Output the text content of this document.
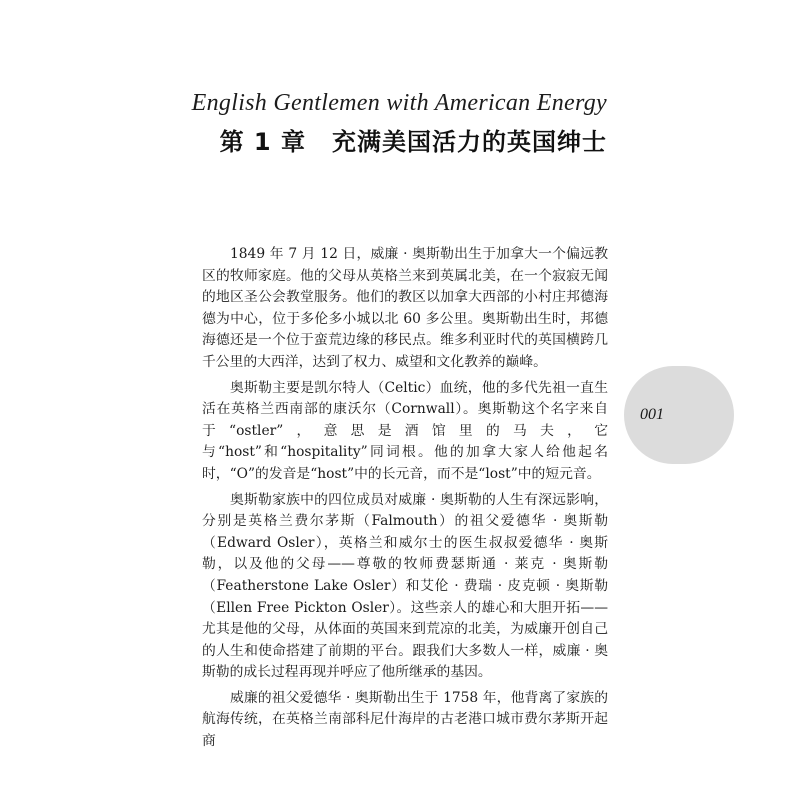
English Gentlemen with American Energy
第 1 章 充满美国活力的英国绅士

1849 年 7 月 12 日，威廉 · 奥斯勒出生于加拿大一个偏远教区的牧师家庭。他的父母从英格兰来到英属北美，在一个寂寂无闻的地区圣公会教堂服务。他们的教区以加拿大西部的小村庄邦德海德为中心，位于多伦多小城以北 60 多公里。奥斯勒出生时，邦德海德还是一个位于蛮荒边缘的移民点。维多利亚时代的英国横跨几千公里的大西洋，达到了权力、威望和文化教养的巅峰。

奥斯勒主要是凯尔特人（Celtic）血统，他的多代先祖一直生活在英格兰西南部的康沃尔（Cornwall）。奥斯勒这个名字来自于“ostler”，意思是酒馆里的马夫，它与“host”和“hospitality”同词根。他的加拿大家人给他起名时，“O”的发音是“host”中的长元音，而不是“lost”中的短元音。

奥斯勒家族中的四位成员对威廉 · 奥斯勒的人生有深远影响，分别是英格兰费尔茅斯（Falmouth）的祖父爱德华 · 奥斯勒（Edward Osler），英格兰和威尔士的医生叔叔爱德华 · 奥斯勒，以及他的父母——尊敬的牧师费瑟斯通 · 莱克 · 奥斯勒（Featherstone Lake Osler）和艾伦 · 费瑞 · 皮克顿 · 奥斯勒（Ellen Free Pickton Osler）。这些亲人的雄心和大胆开拓——尤其是他的父母，从体面的英国来到荒凉的北美，为威廉开创自己的人生和使命搭建了前期的平台。跟我们大多数人一样，威廉 · 奥斯勒的成长过程再现并呼应了他所继承的基因。

威廉的祖父爱德华 · 奥斯勒出生于 1758 年，他背离了家族的航海传统，在英格兰南部科尼什海岸的古老港口城市费尔茅斯开起商

001
